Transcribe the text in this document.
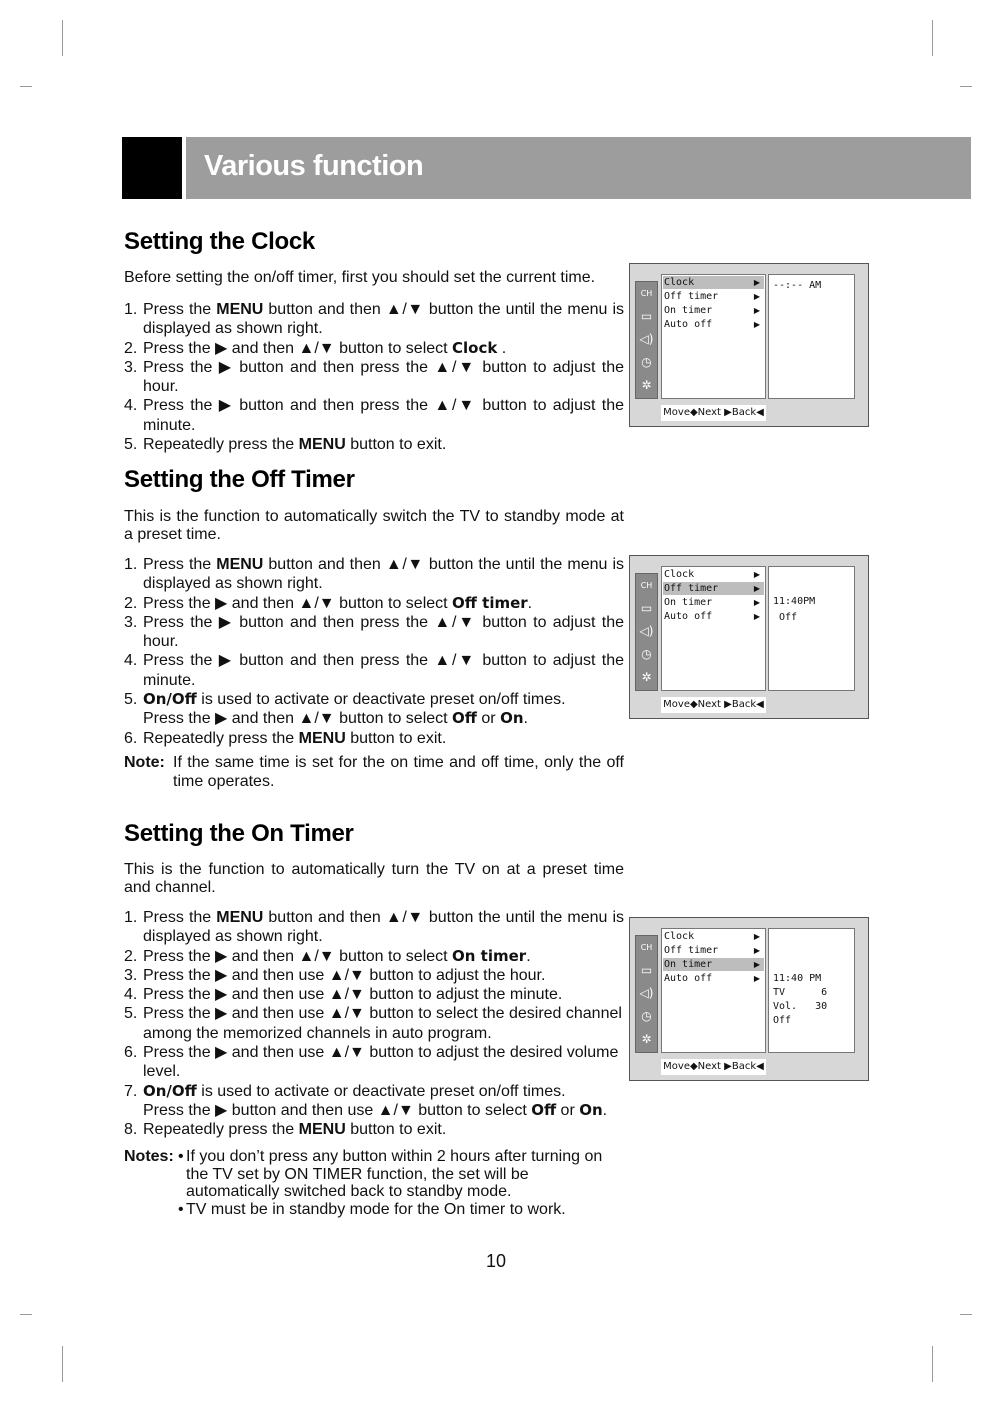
Various function
Setting the Clock

Before setting the on/off timer, first you should set the current time.

1. Press the MENU button and then ▲/▼ button the until the menu is displayed as shown right.
2. Press the ▶ and then ▲/▼ button to select Clock .
3. Press the ▶ button and then press the ▲/▼ button to adjust the hour.
4. Press the ▶ button and then press the ▲/▼ button to adjust the minute.
5. Repeatedly press the MENU button to exit.
Setting the Off Timer

This is the function to automatically switch the TV to standby mode at a preset time.

1. Press the MENU button and then ▲/▼ button the until the menu is displayed as shown right.
2. Press the ▶ and then ▲/▼ button to select Off timer.
3. Press the ▶ button and then press the ▲/▼ button to adjust the hour.
4. Press the ▶ button and then press the ▲/▼ button to adjust the minute.
5. On/Off is used to activate or deactivate preset on/off times.
Press the ▶ and then ▲/▼ button to select Off or On.
6. Repeatedly press the MENU button to exit.
Note: If the same time is set for the on time and off time, only the off time operates.
Setting the On Timer

This is the function to automatically turn the TV on at a preset time and channel.

1. Press the MENU button and then ▲/▼ button the until the menu is displayed as shown right.
2. Press the ▶ and then ▲/▼ button to select On timer.
3. Press the ▶ and then use ▲/▼ button to adjust the hour.
4. Press the ▶ and then use ▲/▼ button to adjust the minute.
5. Press the ▶ and then use ▲/▼ button to select the desired channel among the memorized channels in auto program.
6. Press the ▶ and then use ▲/▼ button to adjust the desired volume level.
7. On/Off is used to activate or deactivate preset on/off times.
Press the ▶ button and then use ▲/▼ button to select Off or On.
8. Repeatedly press the MENU button to exit.
Notes: • If you don’t press any button within 2 hours after turning on the TV set by ON TIMER function, the set will be automatically switched back to standby mode.
• TV must be in standby mode for the On timer to work.
10
CH
▭
◁)
◷
✲
Clock	▶
Off timer	▶
On timer	▶
Auto off	▶
--:-- AM
Move◆Next ▶Back◀
CH
▭
◁)
◷
✲
Clock	▶
Off timer	▶
On timer	▶
Auto off	▶
11:40PM
Off
Move◆Next ▶Back◀
CH
▭
◁)
◷
✲
Clock	▶
Off timer	▶
On timer	▶
Auto off	▶ 11:40 PM
TV      6
Vol.   30
Off
Move◆Next ▶Back◀
